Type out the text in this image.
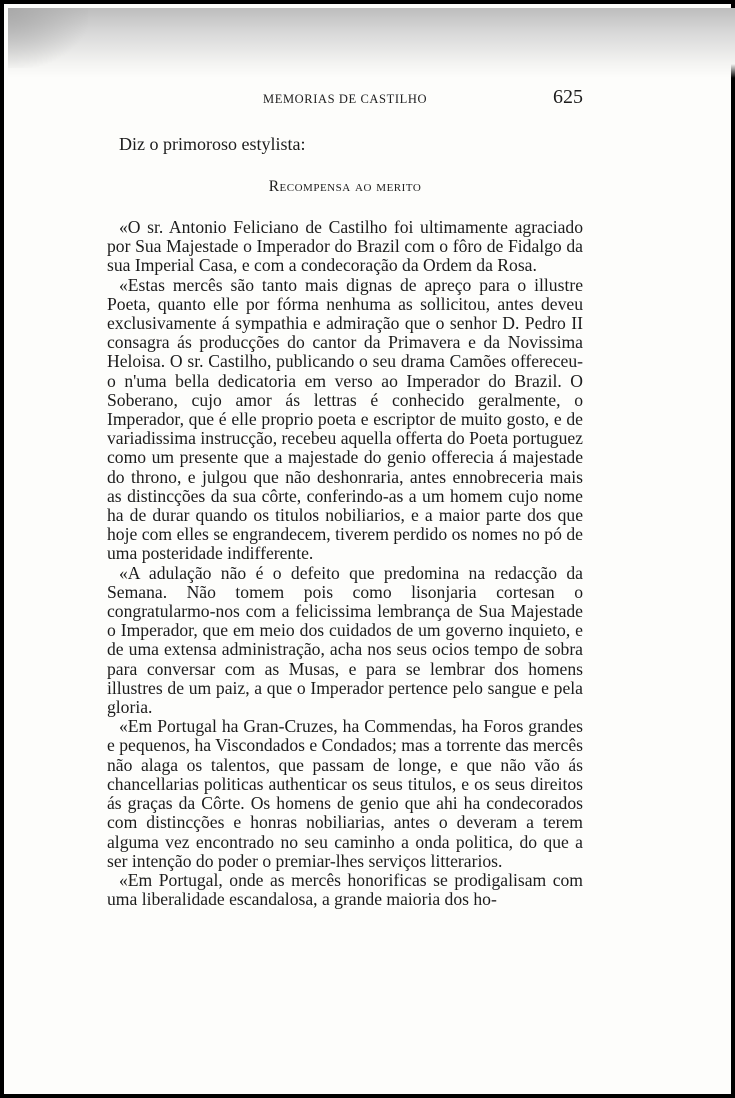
MEMORIAS DE CASTILHO	625
Diz o primoroso estylista:
Recompensa ao merito

«O sr. Antonio Feliciano de Castilho foi ultimamente agraciado por Sua Majestade o Imperador do Brazil com o fôro de Fidalgo da sua Imperial Casa, e com a condecoração da Ordem da Rosa.

«Estas mercês são tanto mais dignas de apreço para o illustre Poeta, quanto elle por fórma nenhuma as sollicitou, antes deveu exclusivamente á sympathia e admiração que o senhor D. Pedro II consagra ás producções do cantor da Primavera e da Novissima Heloisa. O sr. Castilho, publicando o seu drama Camões offereceu-o n'uma bella dedicatoria em verso ao Imperador do Brazil. O Soberano, cujo amor ás lettras é conhecido geralmente, o Imperador, que é elle proprio poeta e escriptor de muito gosto, e de variadissima instrucção, recebeu aquella offerta do Poeta portuguez como um presente que a majestade do genio offerecia á majestade do throno, e julgou que não deshonraria, antes ennobreceria mais as distincções da sua côrte, conferindo-as a um homem cujo nome ha de durar quando os titulos nobiliarios, e a maior parte dos que hoje com elles se engrandecem, tiverem perdido os nomes no pó de uma posteridade indifferente.

«A adulação não é o defeito que predomina na redacção da Semana. Não tomem pois como lisonjaria cortesan o congratularmo-nos com a felicissima lembrança de Sua Majestade o Imperador, que em meio dos cuidados de um governo inquieto, e de uma extensa administração, acha nos seus ocios tempo de sobra para conversar com as Musas, e para se lembrar dos homens illustres de um paiz, a que o Imperador pertence pelo sangue e pela gloria.

«Em Portugal ha Gran-Cruzes, ha Commendas, ha Foros grandes e pequenos, ha Viscondados e Condados; mas a torrente das mercês não alaga os talentos, que passam de longe, e que não vão ás chancellarias politicas authenticar os seus titulos, e os seus direitos ás graças da Côrte. Os homens de genio que ahi ha condecorados com distincções e honras nobiliarias, antes o deveram a terem alguma vez encontrado no seu caminho a onda politica, do que a ser intenção do poder o premiar-lhes serviços litterarios.

«Em Portugal, onde as mercês honorificas se prodigalisam com uma liberalidade escandalosa, a grande maioria dos ho-
